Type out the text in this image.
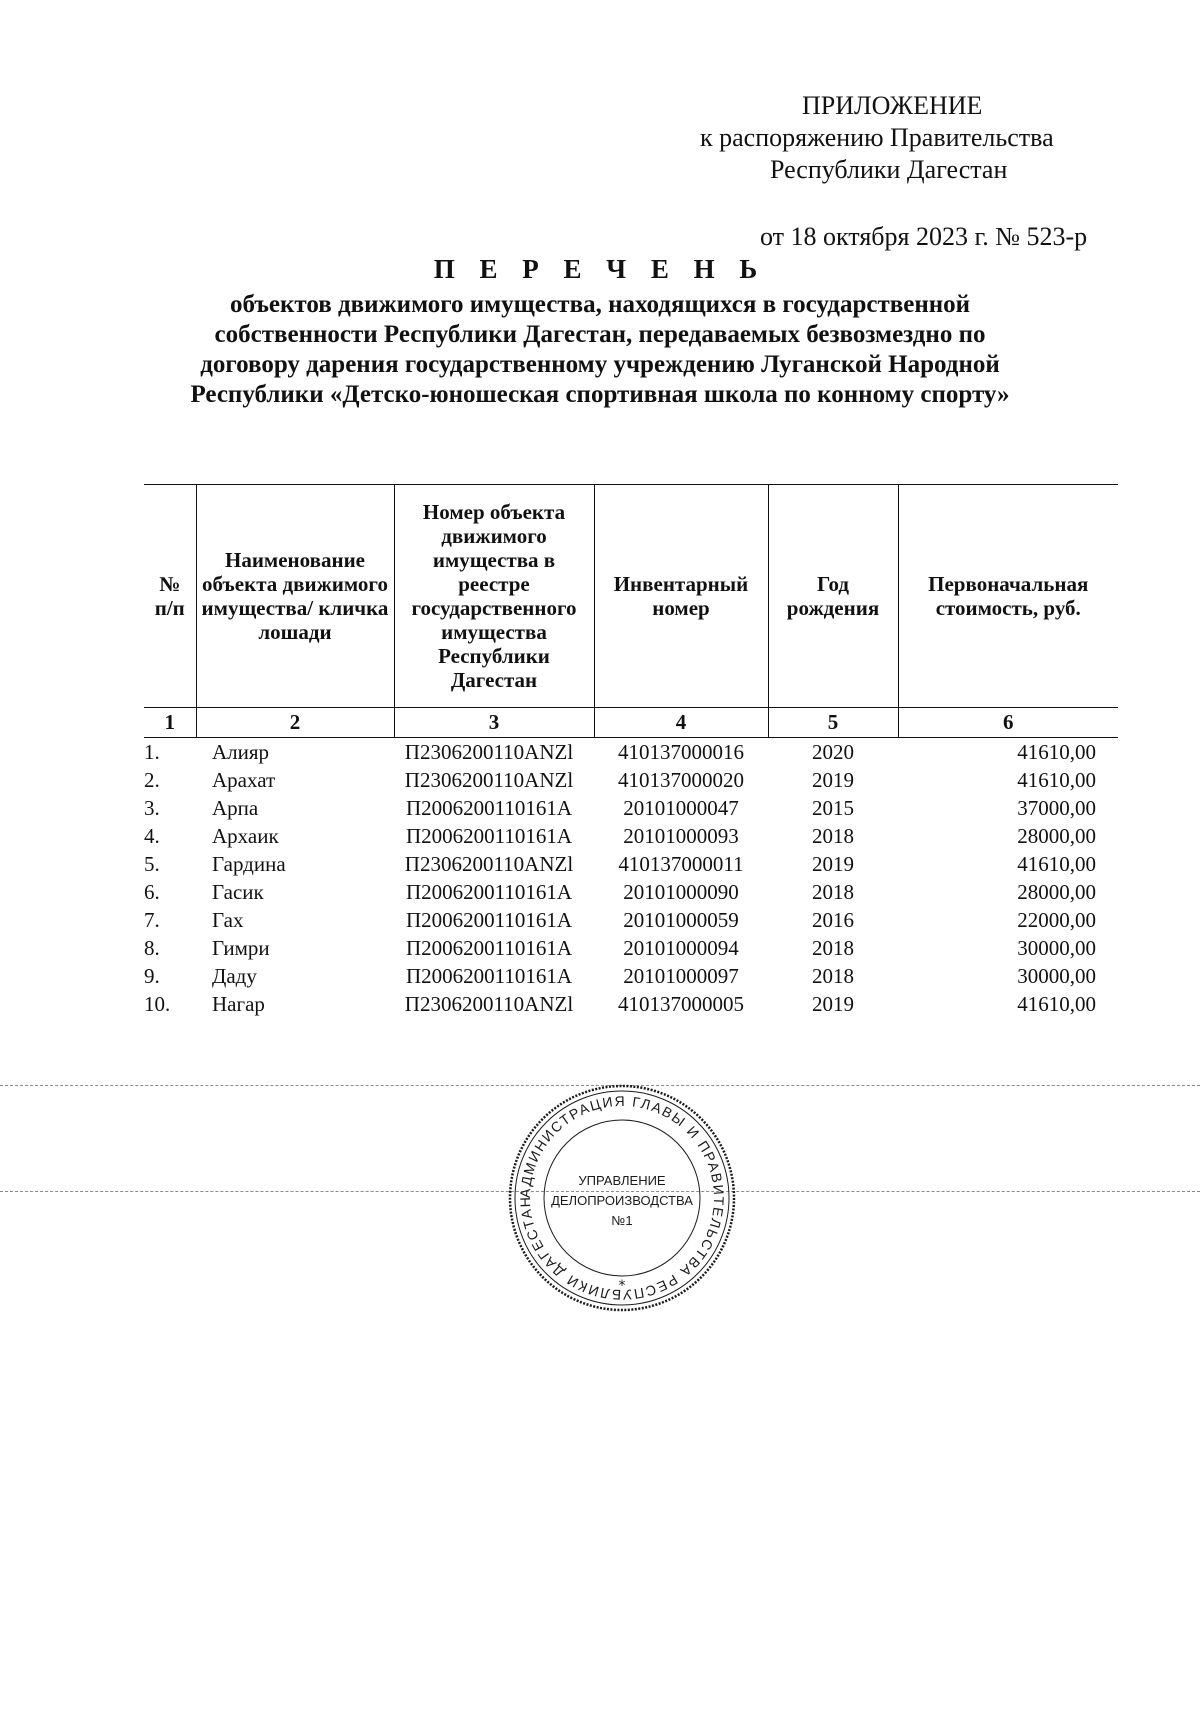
ПРИЛОЖЕНИЕ
к распоряжению Правительства
Республики Дагестан
от 18 октября 2023 г. № 523-р
П Е Р Е Ч Е Н Ь
объектов движимого имущества, находящихся в государственной
собственности Республики Дагестан, передаваемых безвозмездно по
договору дарения государственному учреждению Луганской Народной
Республики «Детско-юношеская спортивная школа по конному спорту»
№ п/п	Наименование объекта движимого имущества/ кличка лошади	Номер объекта движимого имущества в реестре государственного имущества Республики Дагестан	Инвентарный номер	Год рождения	Первоначальная стоимость, руб.
1	2	3	4	5	6
1.	Алияр	П2306200110ANZl	410137000016	2020	41610,00
2.	Арахат	П2306200110ANZl	410137000020	2019	41610,00
3.	Арпа	П2006200110161А	20101000047	2015	37000,00
4.	Архаик	П2006200110161А	20101000093	2018	28000,00
5.	Гардина	П2306200110ANZl	410137000011	2019	41610,00
6.	Гасик	П2006200110161А	20101000090	2018	28000,00
7.	Гах	П2006200110161А	20101000059	2016	22000,00
8.	Гимри	П2006200110161А	20101000094	2018	30000,00
9.	Даду	П2006200110161А	20101000097	2018	30000,00
10.	Нагар	П2306200110ANZl	410137000005	2019	41610,00
АДМИНИСТРАЦИЯ ГЛАВЫ И ПРАВИТЕЛЬСТВА РЕСПУБЛИКИ ДАГЕСТАН
*
УПРАВЛЕНИЕ
ДЕЛОПРОИЗВОДСТВА
№1
